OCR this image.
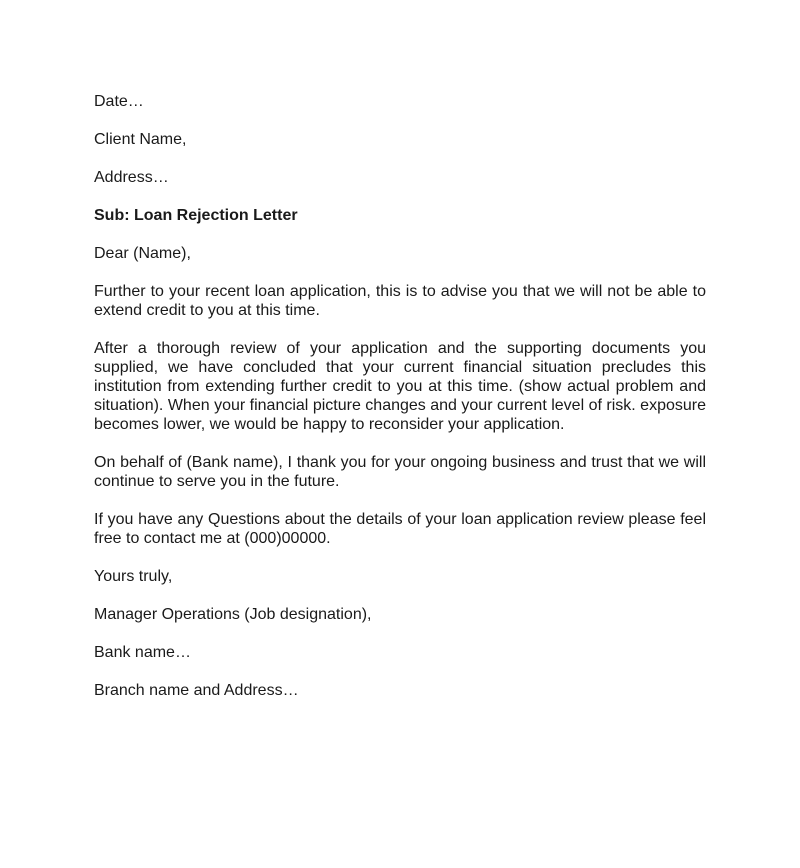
Date…
Client Name,
Address…
Sub: Loan Rejection Letter
Dear (Name),
Further to your recent loan application, this is to advise you that we will not be able to extend credit to you at this time.
After a thorough review of your application and the supporting documents you supplied, we have concluded that your current financial situation precludes this institution from extending further credit to you at this time. (show actual problem and situation). When your financial picture changes and your current level of risk. exposure becomes lower, we would be happy to reconsider your application.
On behalf of (Bank name), I thank you for your ongoing business and trust that we will continue to serve you in the future.
If you have any Questions about the details of your loan application review please feel free to contact me at (000)00000.
Yours truly,
Manager Operations (Job designation),
Bank name…
Branch name and Address…
